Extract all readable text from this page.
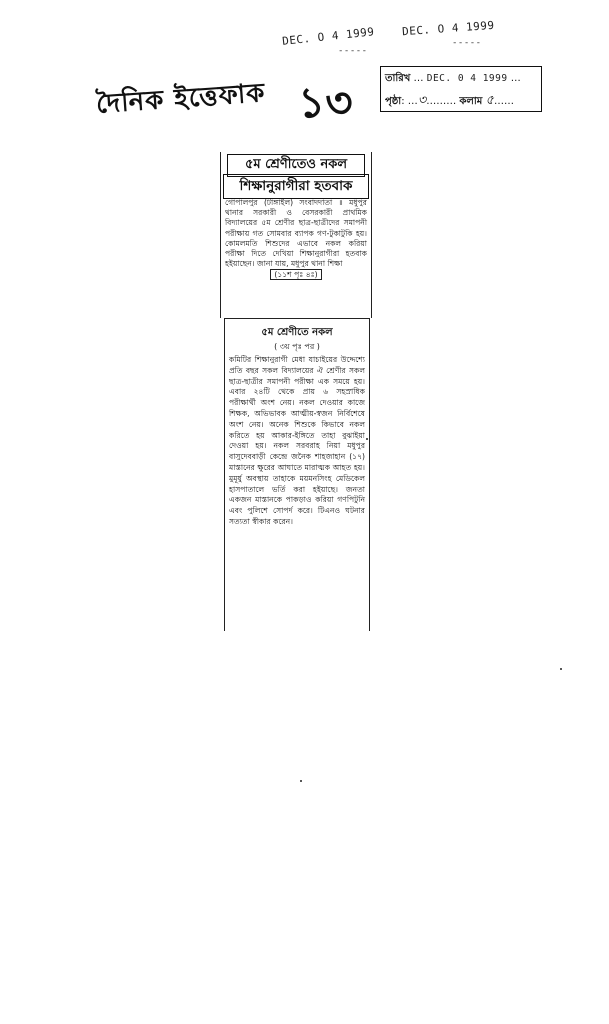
DEC. O 4 1999
-----
DEC. O 4 1999
-----
দৈনিক ইত্তেফাক ১৩	তারিখ … DEC. 0 4 1999 …
পৃষ্ঠা: …৩……… কলাম ৫……
৫ম শ্রেণীতেও নকল
শিক্ষানুরাগীরা হতবাক
গোপালপুর (টাঙ্গাইল) সংবাদদাতা ॥ মধুপুর থানার সরকারী ও বেসরকারী প্রাথমিক বিদ্যালয়ের ৫ম শ্রেণীর ছাত্র-ছাত্রীদের সমাপনী পরীক্ষায় গত সোমবার ব্যাপক গণ-টুকাটুকি হয়। কোমলমতি শিশুদের এভাবে নকল করিয়া পরীক্ষা দিতে দেখিয়া শিক্ষানুরাগীরা হতবাক হইয়াছেন। জানা যায়, মধুপুর থানা শিক্ষা
(১১শ পৃঃ ৪ঃ)
৫ম শ্রেণীতে নকল
( ৩য় পৃঃ পর )
কমিটির শিক্ষানুরাগী মেধা যাচাইয়ের উদ্দেশ্যে প্রতি বছর সকল বিদ্যালয়ের ঐ শ্রেণীর সকল ছাত্র-ছাত্রীর সমাপনী পরীক্ষা এক সময়ে হয়। এবার ২৪টি থেকে প্রায় ৬ সহস্রাধিক পরীক্ষার্থী অংশ নেয়। নকল দেওয়ার কাজে শিক্ষক, অভিভাবক আত্মীয়-স্বজন নির্বিশেষে অংশ নেয়। অনেক শিশুকে কিভাবে নকল করিতে হয় আকার-ইঙ্গিতে তাহা বুঝাইয়া দেওয়া হয়। নকল সরবরাহ নিয়া মধুপুর বাসুদেববাড়ী কেন্দ্রে জনৈক শাহজাহান (১৭) মাস্তানের ক্ষুরের আঘাতে মারাত্মক আহত হয়। মুমূর্ষু অবস্থায় তাহাকে ময়মনসিংহ মেডিকেল হাসপাতালে ভর্তি করা হইয়াছে। জনতা একজন মাস্তানকে পাকড়াও করিয়া গণপিটুনি এবং পুলিশে সোপর্দ করে। টিএনও ঘটনার সত্যতা স্বীকার করেন।
